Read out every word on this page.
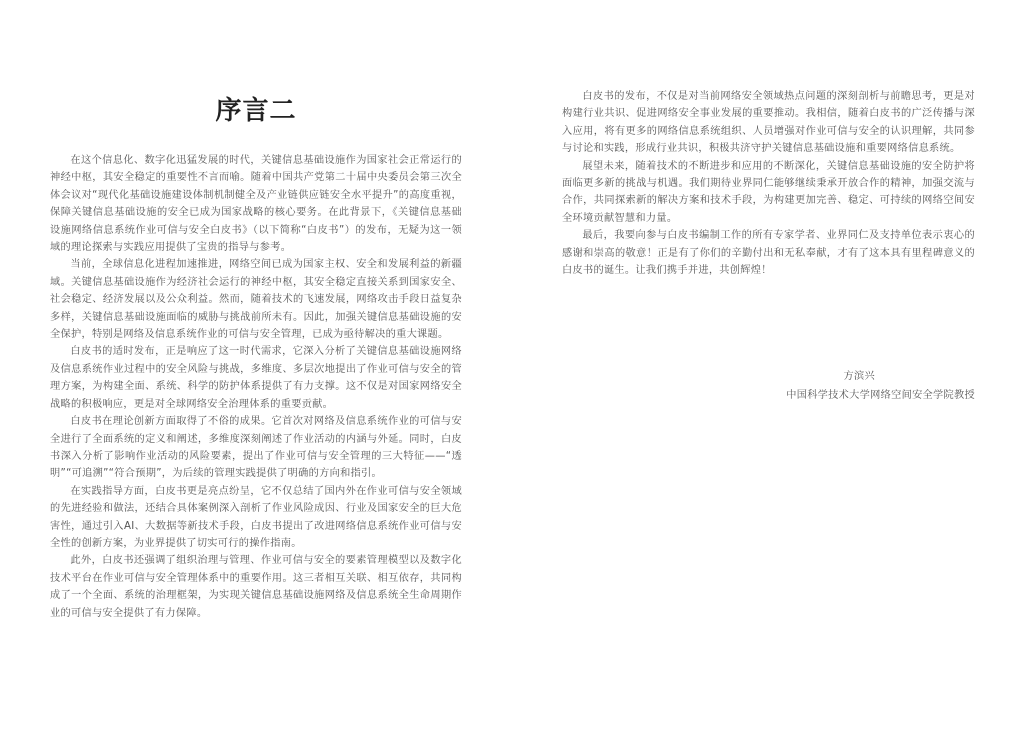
序言二

在这个信息化、数字化迅猛发展的时代，关键信息基础设施作为国家社会正常运行的神经中枢，其安全稳定的重要性不言而喻。随着中国共产党第二十届中央委员会第三次全体会议对“现代化基础设施建设体制机制健全及产业链供应链安全水平提升”的高度重视，保障关键信息基础设施的安全已成为国家战略的核心要务。在此背景下，《关键信息基础设施网络信息系统作业可信与安全白皮书》（以下简称“白皮书”）的发布，无疑为这一领域的理论探索与实践应用提供了宝贵的指导与参考。

当前，全球信息化进程加速推进，网络空间已成为国家主权、安全和发展利益的新疆域。关键信息基础设施作为经济社会运行的神经中枢，其安全稳定直接关系到国家安全、社会稳定、经济发展以及公众利益。然而，随着技术的飞速发展，网络攻击手段日益复杂多样，关键信息基础设施面临的威胁与挑战前所未有。因此，加强关键信息基础设施的安全保护，特别是网络及信息系统作业的可信与安全管理，已成为亟待解决的重大课题。

白皮书的适时发布，正是响应了这一时代需求，它深入分析了关键信息基础设施网络及信息系统作业过程中的安全风险与挑战，多维度、多层次地提出了作业可信与安全的管理方案，为构建全面、系统、科学的防护体系提供了有力支撑。这不仅是对国家网络安全战略的积极响应，更是对全球网络安全治理体系的重要贡献。

白皮书在理论创新方面取得了不俗的成果。它首次对网络及信息系统作业的可信与安全进行了全面系统的定义和阐述，多维度深刻阐述了作业活动的内涵与外延。同时，白皮书深入分析了影响作业活动的风险要素，提出了作业可信与安全管理的三大特征——“透明”“可追溯”“符合预期”，为后续的管理实践提供了明确的方向和指引。

在实践指导方面，白皮书更是亮点纷呈，它不仅总结了国内外在作业可信与安全领域的先进经验和做法，还结合具体案例深入剖析了作业风险成因、行业及国家安全的巨大危害性，通过引入AI、大数据等新技术手段，白皮书提出了改进网络信息系统作业可信与安全性的创新方案，为业界提供了切实可行的操作指南。

此外，白皮书还强调了组织治理与管理、作业可信与安全的要素管理模型以及数字化技术平台在作业可信与安全管理体系中的重要作用。这三者相互关联、相互依存，共同构成了一个全面、系统的治理框架，为实现关键信息基础设施网络及信息系统全生命周期作业的可信与安全提供了有力保障。

白皮书的发布，不仅是对当前网络安全领域热点问题的深刻剖析与前瞻思考，更是对构建行业共识、促进网络安全事业发展的重要推动。我相信，随着白皮书的广泛传播与深入应用，将有更多的网络信息系统组织、人员增强对作业可信与安全的认识理解，共同参与讨论和实践，形成行业共识，积极共济守护关键信息基础设施和重要网络信息系统。

展望未来，随着技术的不断进步和应用的不断深化，关键信息基础设施的安全防护将面临更多新的挑战与机遇。我们期待业界同仁能够继续秉承开放合作的精神，加强交流与合作，共同探索新的解决方案和技术手段，为构建更加完善、稳定、可持续的网络空间安全环境贡献智慧和力量。

最后，我要向参与白皮书编制工作的所有专家学者、业界同仁及支持单位表示衷心的感谢和崇高的敬意！正是有了你们的辛勤付出和无私奉献，才有了这本具有里程碑意义的白皮书的诞生。让我们携手并进，共创辉煌！

方滨兴
中国科学技术大学网络空间安全学院教授
